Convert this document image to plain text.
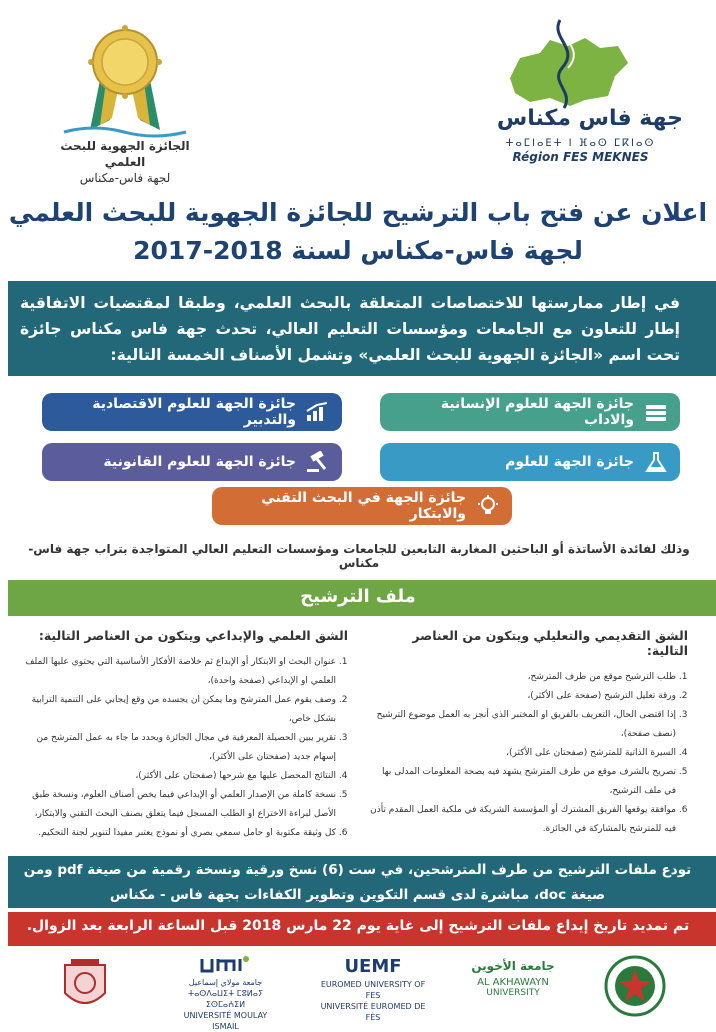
الجائزة الجهوية للبحث العلمي
لجهة فاس-مكناس
جهة فاس مكناس
ⵜⴰⵎⵏⴰⴹⵜ ⵏ ⴼⴰⵙ ⵎⴽⵏⴰⵙ
Région FES MEKNES
اعلان عن فتح باب الترشيح للجائزة الجهوية للبحث العلمي
لجهة فاس-مكناس لسنة 2018-2017
في إطار ممارستها للاختصاصات المتعلقة بالبحث العلمي، وطبقا لمقتضيات الاتفاقية إطار للتعاون مع الجامعات ومؤسسات التعليم العالي، تحدث جهة فاس مكناس جائزة تحت اسم «الجائزة الجهوية للبحث العلمي» وتشمل الأصناف الخمسة التالية:
جائزة الجهة للعلوم الاقتصادية والتدبير
جائزة الجهة للعلوم الإنسانية والاداب
جائزة الجهة للعلوم القانونية	جائزة الجهة للعلوم
جائزة الجهة في البحث التقني والابتكار
وذلك لفائدة الأساتذة أو الباحثين المغاربة التابعين للجامعات ومؤسسات التعليم العالي المتواجدة بتراب جهة فاس-مكناس
ملف الترشيح
الشق التقديمي والتعليلي ويتكون من العناصر التالية:
1. طلب الترشيح موقع من طرف المترشح،
2. ورقة تعليل الترشيح (صفحة على الأكثر)،
3. إذا اقتضى الحال، التعريف بالفريق او المختبر الذي أنجز به العمل موضوع الترشيح (نصف صفحة)،
4. السيرة الذاتية للمترشح (صفحتان على الأكثر)،
5. تصريح بالشرف موقع من طرف المترشح يشهد فيه بصحة المعلومات المدلى بها في ملف الترشيح،
6. موافقة يوقعها الفريق المشترك أو المؤسسة الشريكة في ملكية العمل المقدم تأذن فيه للمترشح بالمشاركة في الجائزة.
الشق العلمي والإبداعي ويتكون من العناصر التالية:
1. عنوان البحث او الابتكار أو الإبداع ثم خلاصة الأفكار الأساسية التي يحتوي عليها الملف العلمي او الإبداعي (صفحة واحدة)،
2. وصف يقوم عمل المترشح وما يمكن ان يجسده من وقع إيجابي على التنمية الترابية بشكل خاص،
3. تقرير يبين الحصيلة المعرفية في مجال الجائزة ويحدد ما جاء به عمل المترشح من إسهام جديد (صفحتان على الأكثر)،
4. النتائج المحصل عليها مع شرحها (صفحتان على الأكثر)،
5. نسخة كاملة من الإصدار العلمي أو الإبداعي فيما يخص أصناف العلوم، ونسخة طبق الأصل لبراءة الاختراع او الطلب المسجل فيما يتعلق بصنف البحث التقني والابتكار،
6. كل وثيقة مكتوبة او حامل سمعي بصري أو نموذج يعتبر مفيدا لتنوير لجنة التحكيم.
تودع ملفات الترشيح من طرف المترشحين، في ست (6) نسخ ورقية ونسخة رقمية من صيغة pdf ومن صيغة doc، مباشرة لدى قسم التكوين وتطوير الكفاءات بجهة فاس - مكناس
تم تمديد تاريخ إيداع ملفات الترشيح إلى غاية يوم 22 مارس 2018 قبل الساعة الرابعة بعد الزوال.
جامعة مولاي إسماعيل
ⵜⴰⵙⴷⴰⵡⵉⵜ ⵎⵓⵍⴰⵢ ⵉⵙⵎⴰⵄⵉⵍ
UNIVERSITÉ MOULAY ISMAIL
UEMF
EUROMED UNIVERSITY OF FES
UNIVERSITÉ EUROMED DE FÈS
جامعة الأخوين
AL AKHAWAYN
UNIVERSITY
